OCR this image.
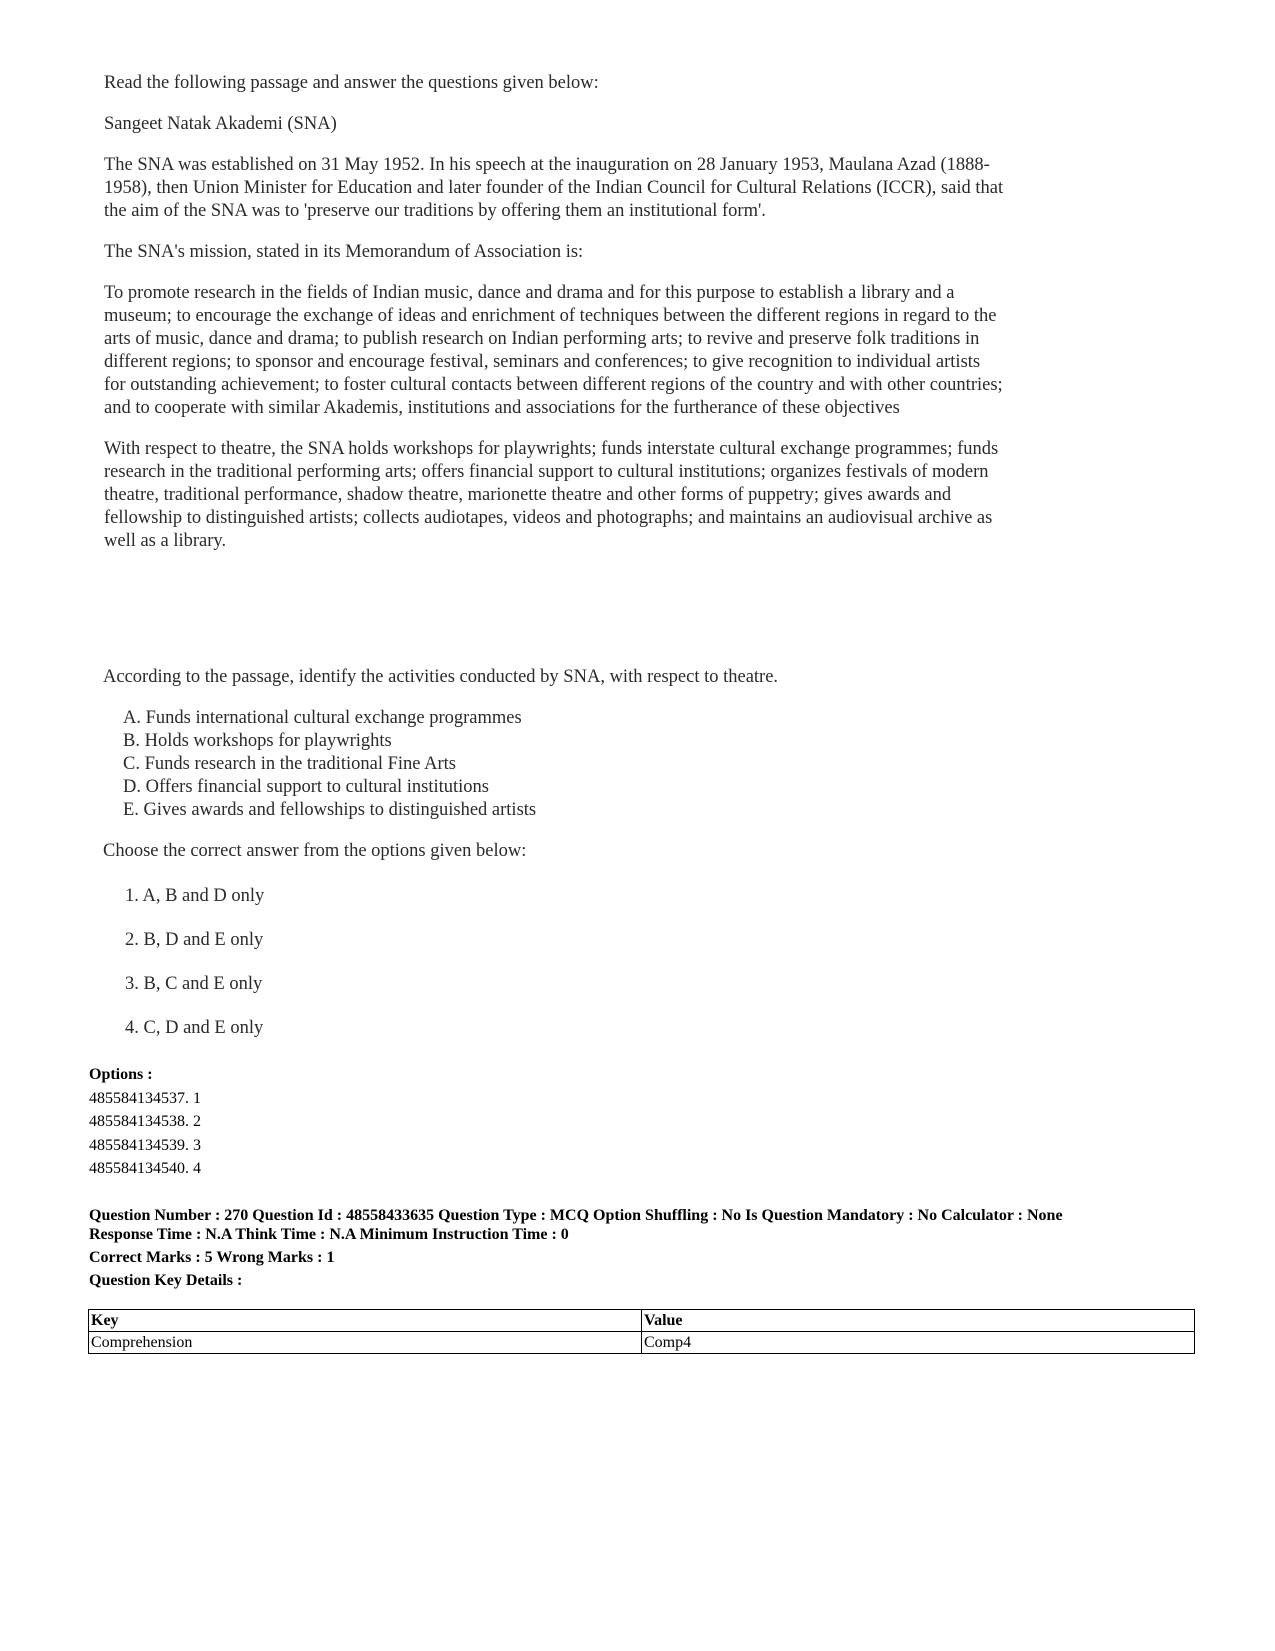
Read the following passage and answer the questions given below:

Sangeet Natak Akademi (SNA)

The SNA was established on 31 May 1952. In his speech at the inauguration on 28 January 1953, Maulana Azad (1888-1958), then Union Minister for Education and later founder of the Indian Council for Cultural Relations (ICCR), said that the aim of the SNA was to 'preserve our traditions by offering them an institutional form'.

The SNA's mission, stated in its Memorandum of Association is:

To promote research in the fields of Indian music, dance and drama and for this purpose to establish a library and a museum; to encourage the exchange of ideas and enrichment of techniques between the different regions in regard to the arts of music, dance and drama; to publish research on Indian performing arts; to revive and preserve folk traditions in different regions; to sponsor and encourage festival, seminars and conferences; to give recognition to individual artists for outstanding achievement; to foster cultural contacts between different regions of the country and with other countries; and to cooperate with similar Akademis, institutions and associations for the furtherance of these objectives

With respect to theatre, the SNA holds workshops for playwrights; funds interstate cultural exchange programmes; funds research in the traditional performing arts; offers financial support to cultural institutions; organizes festivals of modern theatre, traditional performance, shadow theatre, marionette theatre and other forms of puppetry; gives awards and fellowship to distinguished artists; collects audiotapes, videos and photographs; and maintains an audiovisual archive as well as a library.

According to the passage, identify the activities conducted by SNA, with respect to theatre.

A. Funds international cultural exchange programmes
B. Holds workshops for playwrights
C. Funds research in the traditional Fine Arts
D. Offers financial support to cultural institutions
E. Gives awards and fellowships to distinguished artists

Choose the correct answer from the options given below:

1. A, B and D only
2. B, D and E only
3. B, C and E only
4. C, D and E only
Options :
485584134537. 1
485584134538. 2
485584134539. 3
485584134540. 4
Question Number : 270 Question Id : 48558433635 Question Type : MCQ Option Shuffling : No Is Question Mandatory : No Calculator : None
Response Time : N.A Think Time : N.A Minimum Instruction Time : 0
Correct Marks : 5 Wrong Marks : 1
Question Key Details :
Key	Value
Comprehension	Comp4
